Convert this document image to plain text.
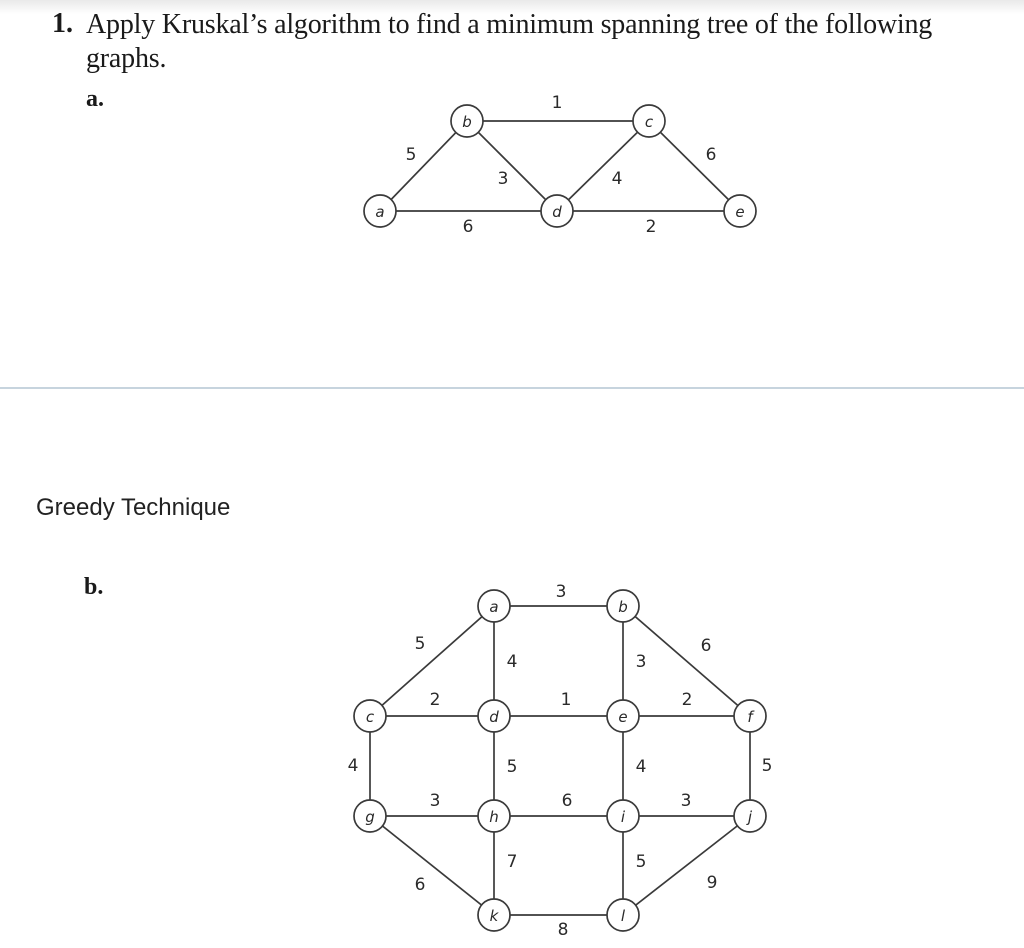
1. Apply Kruskal’s algorithm to find a minimum spanning tree of the following graphs.
a.
5
6
1
3	4
6
2
a
b	c
d	e
Greedy Technique
b.	3
5
4	3
6
2
4
1
5
2
4	5
3
6
6
7
3
5
9
8
a	b
c	d	e	f
g	h	i	j
k	l
